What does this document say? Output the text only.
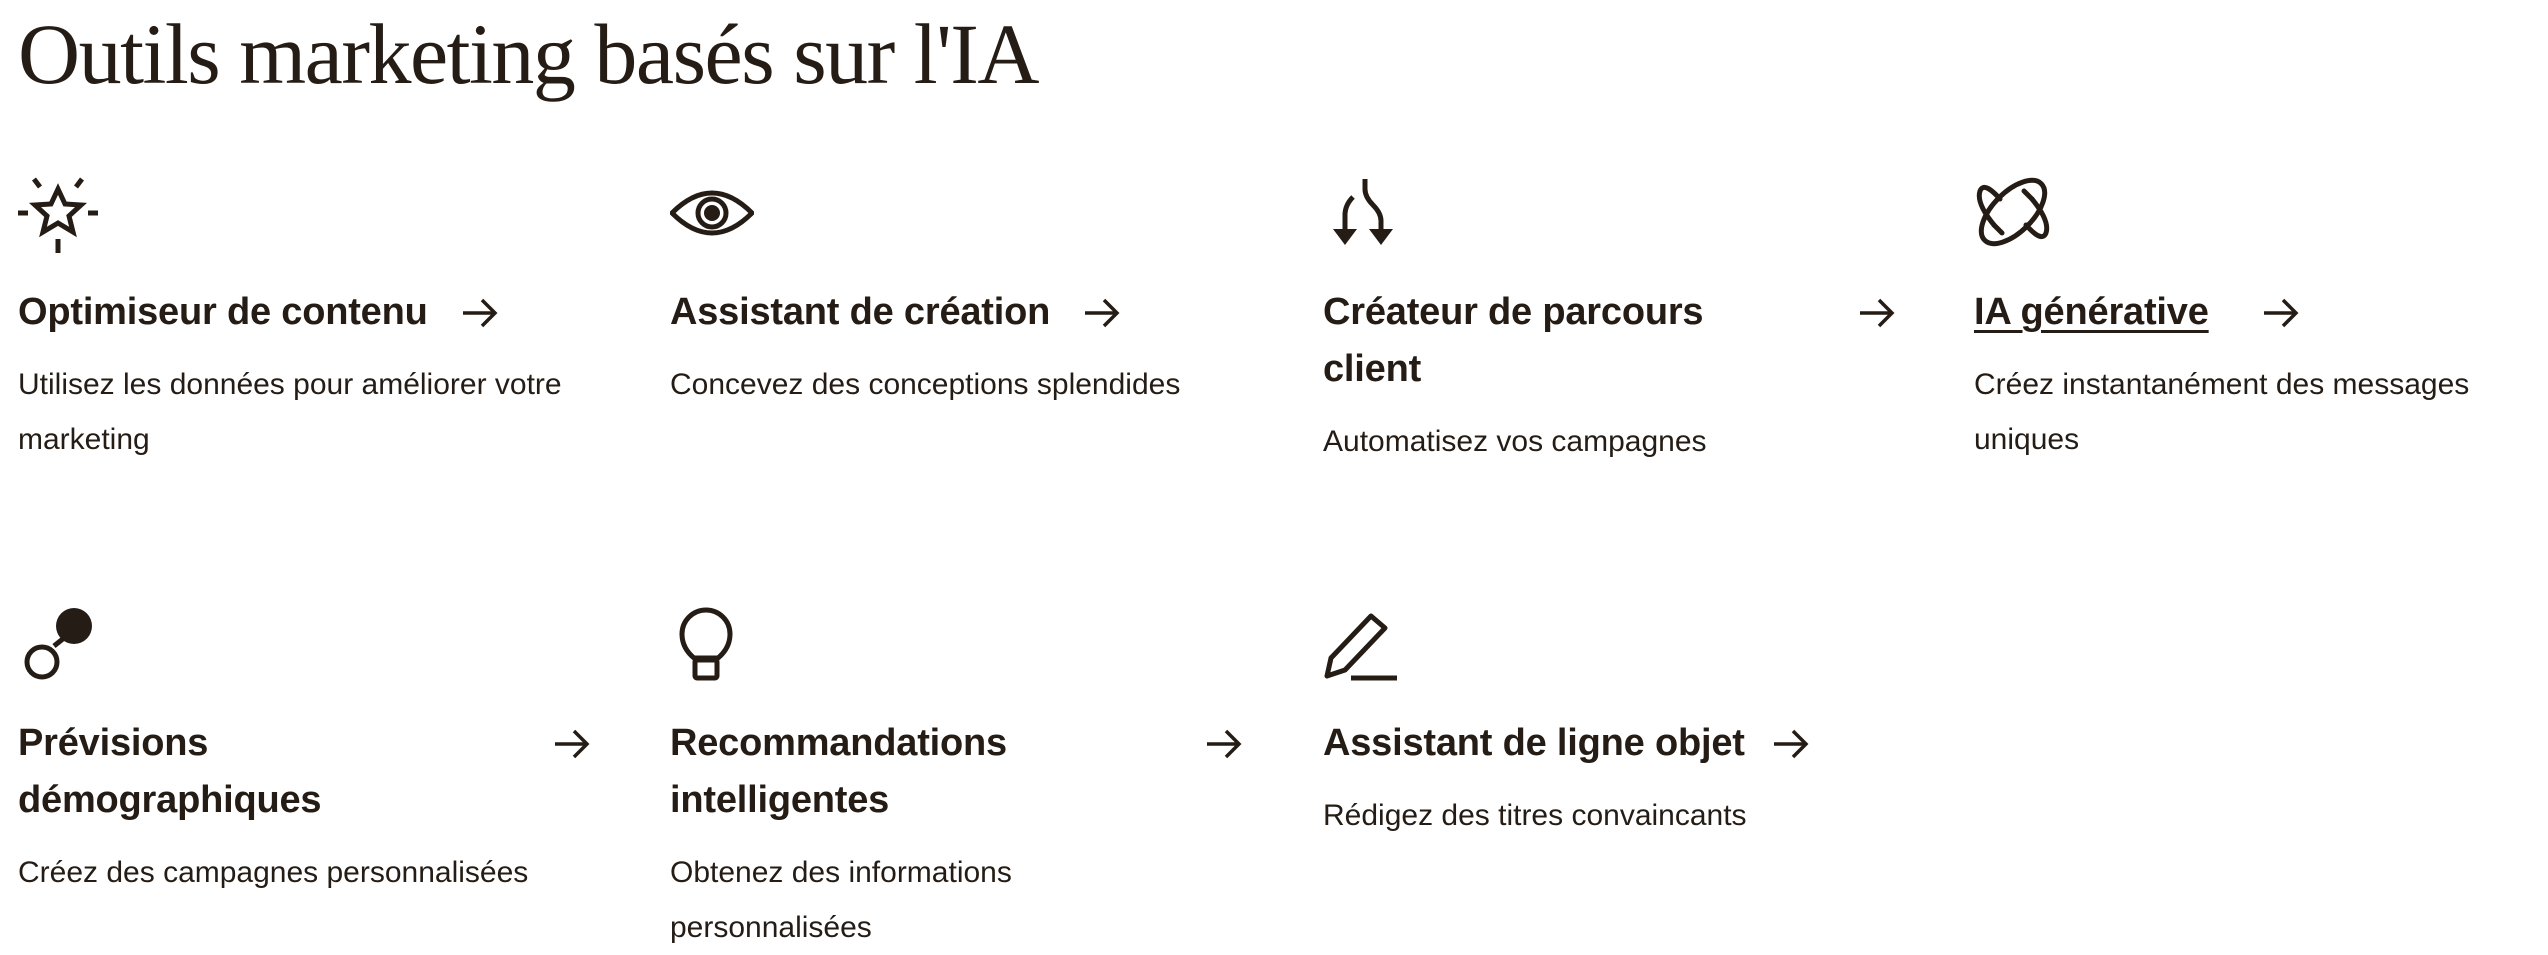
Outils marketing basés sur l'IA
Optimiseur de contenu
Utilisez les données pour améliorer votre marketing
Assistant de création
Concevez des conceptions splendides
Créateur de parcours client
Automatisez vos campagnes
IA générative
Créez instantanément des messages uniques
Prévisions démographiques
Créez des campagnes personnalisées
Recommandations intelligentes
Obtenez des informations personnalisées
Assistant de ligne objet
Rédigez des titres convaincants
